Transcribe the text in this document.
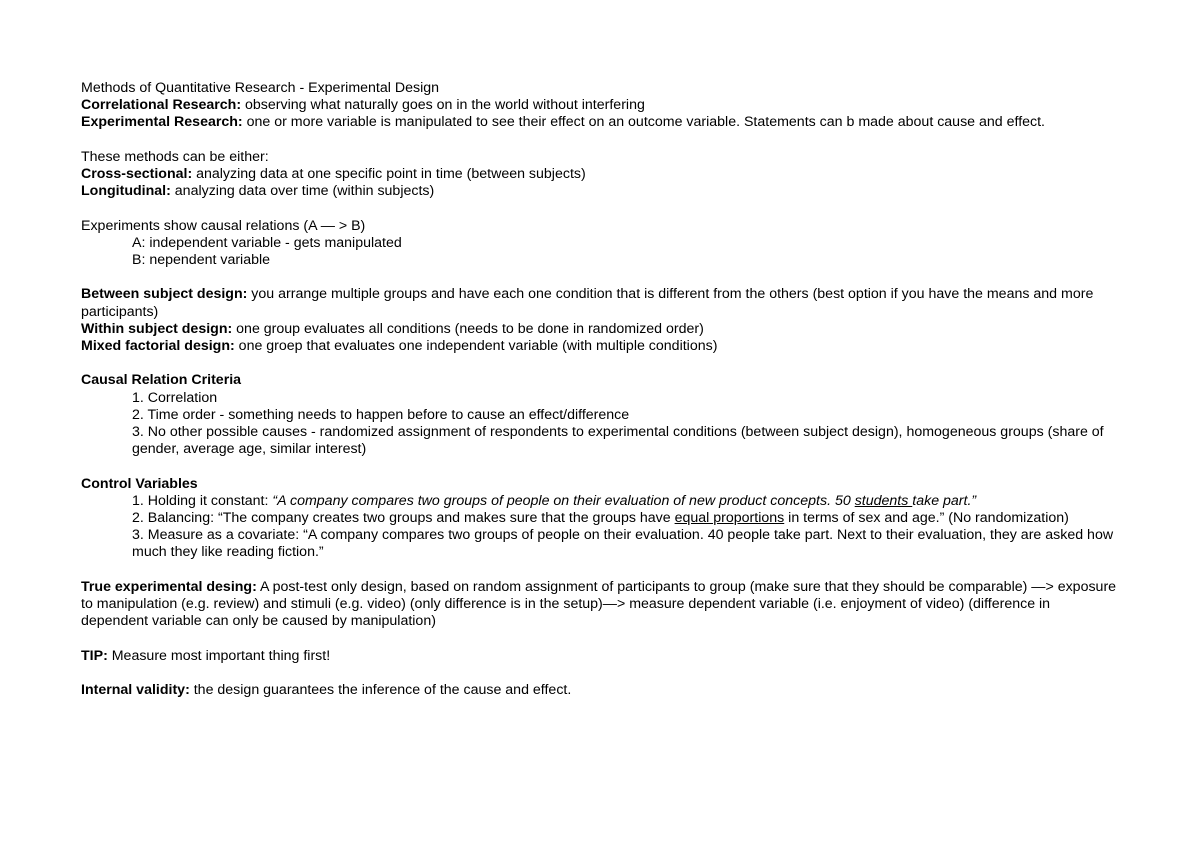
Methods of Quantitative Research - Experimental Design

Correlational Research: observing what naturally goes on in the world without interfering

Experimental Research: one or more variable is manipulated to see their effect on an outcome variable. Statements can b made about cause and effect.

These methods can be either:

Cross-sectional: analyzing data at one specific point in time (between subjects)

Longitudinal: analyzing data over time (within subjects)

Experiments show causal relations (A — > B)

A: independent variable - gets manipulated

B: nependent variable

Between subject design: you arrange multiple groups and have each one condition that is different from the others (best option if you have the means and more participants)

Within subject design: one group evaluates all conditions (needs to be done in randomized order)

Mixed factorial design: one groep that evaluates one independent variable (with multiple conditions)

Causal Relation Criteria

1. Correlation

2. Time order - something needs to happen before to cause an effect/difference

3. No other possible causes - randomized assignment of respondents to experimental conditions (between subject design), homogeneous groups (share of gender, average age, similar interest)

Control Variables

1. Holding it constant: “A company compares two groups of people on their evaluation of new product concepts. 50 students take part.”

2. Balancing: “The company creates two groups and makes sure that the groups have equal proportions in terms of sex and age.” (No randomization)

3. Measure as a covariate: “A company compares two groups of people on their evaluation. 40 people take part. Next to their evaluation, they are asked how much they like reading fiction.”

True experimental desing: A post-test only design, based on random assignment of participants to group (make sure that they should be comparable) —> exposure to manipulation (e.g. review) and stimuli (e.g. video) (only difference is in the setup)—> measure dependent variable (i.e. enjoyment of video) (difference in dependent variable can only be caused by manipulation)

TIP: Measure most important thing first!

Internal validity: the design guarantees the inference of the cause and effect.
